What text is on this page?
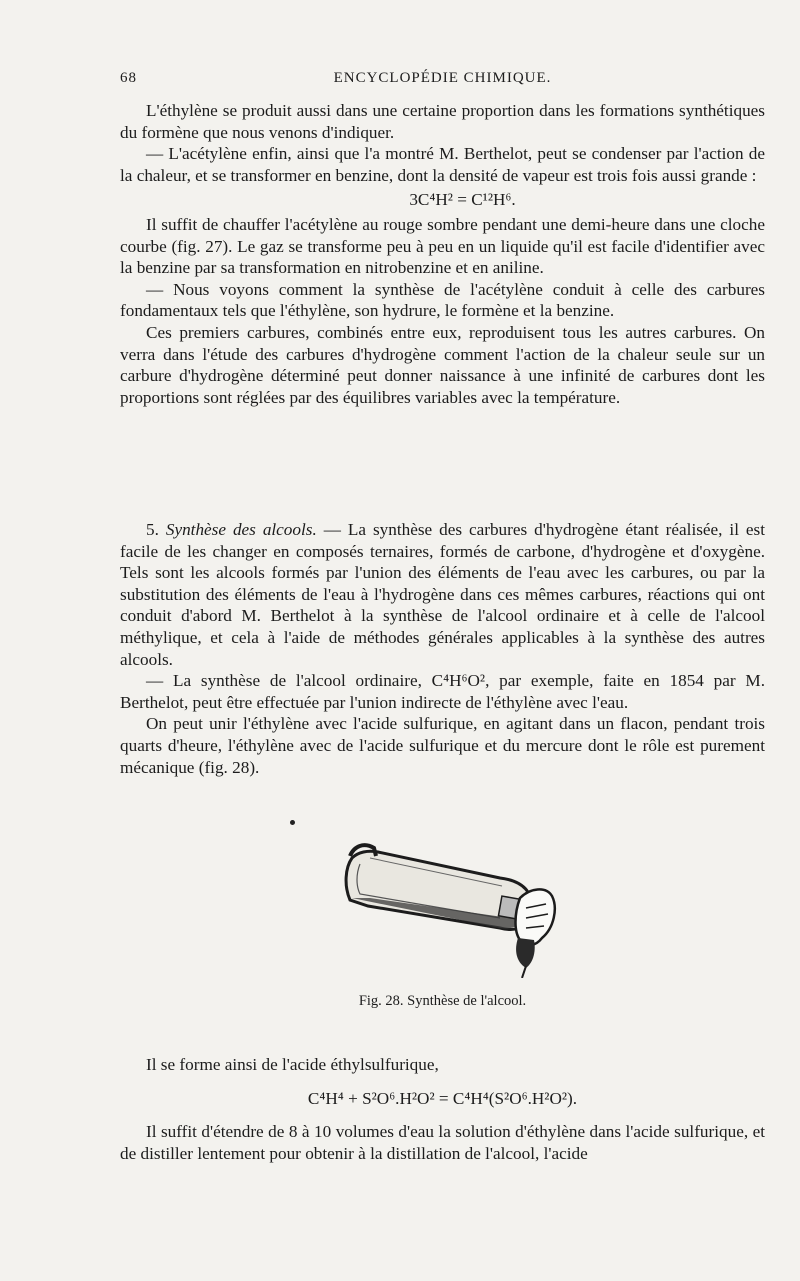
68	ENCYCLOPÉDIE CHIMIQUE.

L'éthylène se produit aussi dans une certaine proportion dans les formations synthétiques du formène que nous venons d'indiquer.

— L'acétylène enfin, ainsi que l'a montré M. Berthelot, peut se condenser par l'action de la chaleur, et se transformer en benzine, dont la densité de vapeur est trois fois aussi grande :

3C⁴H² = C¹²H⁶.

Il suffit de chauffer l'acétylène au rouge sombre pendant une demi-heure dans une cloche courbe (fig. 27). Le gaz se transforme peu à peu en un liquide qu'il est facile d'identifier avec la benzine par sa transformation en nitrobenzine et en aniline.

— Nous voyons comment la synthèse de l'acétylène conduit à celle des carbures fondamentaux tels que l'éthylène, son hydrure, le formène et la benzine.

Ces premiers carbures, combinés entre eux, reproduisent tous les autres carbures. On verra dans l'étude des carbures d'hydrogène comment l'action de la chaleur seule sur un carbure d'hydrogène déterminé peut donner naissance à une infinité de carbures dont les proportions sont réglées par des équilibres variables avec la température.

5. Synthèse des alcools. — La synthèse des carbures d'hydrogène étant réalisée, il est facile de les changer en composés ternaires, formés de carbone, d'hydrogène et d'oxygène. Tels sont les alcools formés par l'union des éléments de l'eau avec les carbures, ou par la substitution des éléments de l'eau à l'hydrogène dans ces mêmes carbures, réactions qui ont conduit d'abord M. Berthelot à la synthèse de l'alcool ordinaire et à celle de l'alcool méthylique, et cela à l'aide de méthodes générales applicables à la synthèse des autres alcools.

— La synthèse de l'alcool ordinaire, C⁴H⁶O², par exemple, faite en 1854 par M. Berthelot, peut être effectuée par l'union indirecte de l'éthylène avec l'eau.

On peut unir l'éthylène avec l'acide sulfurique, en agitant dans un flacon, pendant trois quarts d'heure, l'éthylène avec de l'acide sulfurique et du mercure dont le rôle est purement mécanique (fig. 28).

Fig. 28. Synthèse de l'alcool.

Il se forme ainsi de l'acide éthylsulfurique,

C⁴H⁴ + S²O⁶.H²O² = C⁴H⁴(S²O⁶.H²O²).

Il suffit d'étendre de 8 à 10 volumes d'eau la solution d'éthylène dans l'acide sulfurique, et de distiller lentement pour obtenir à la distillation de l'alcool, l'acide
